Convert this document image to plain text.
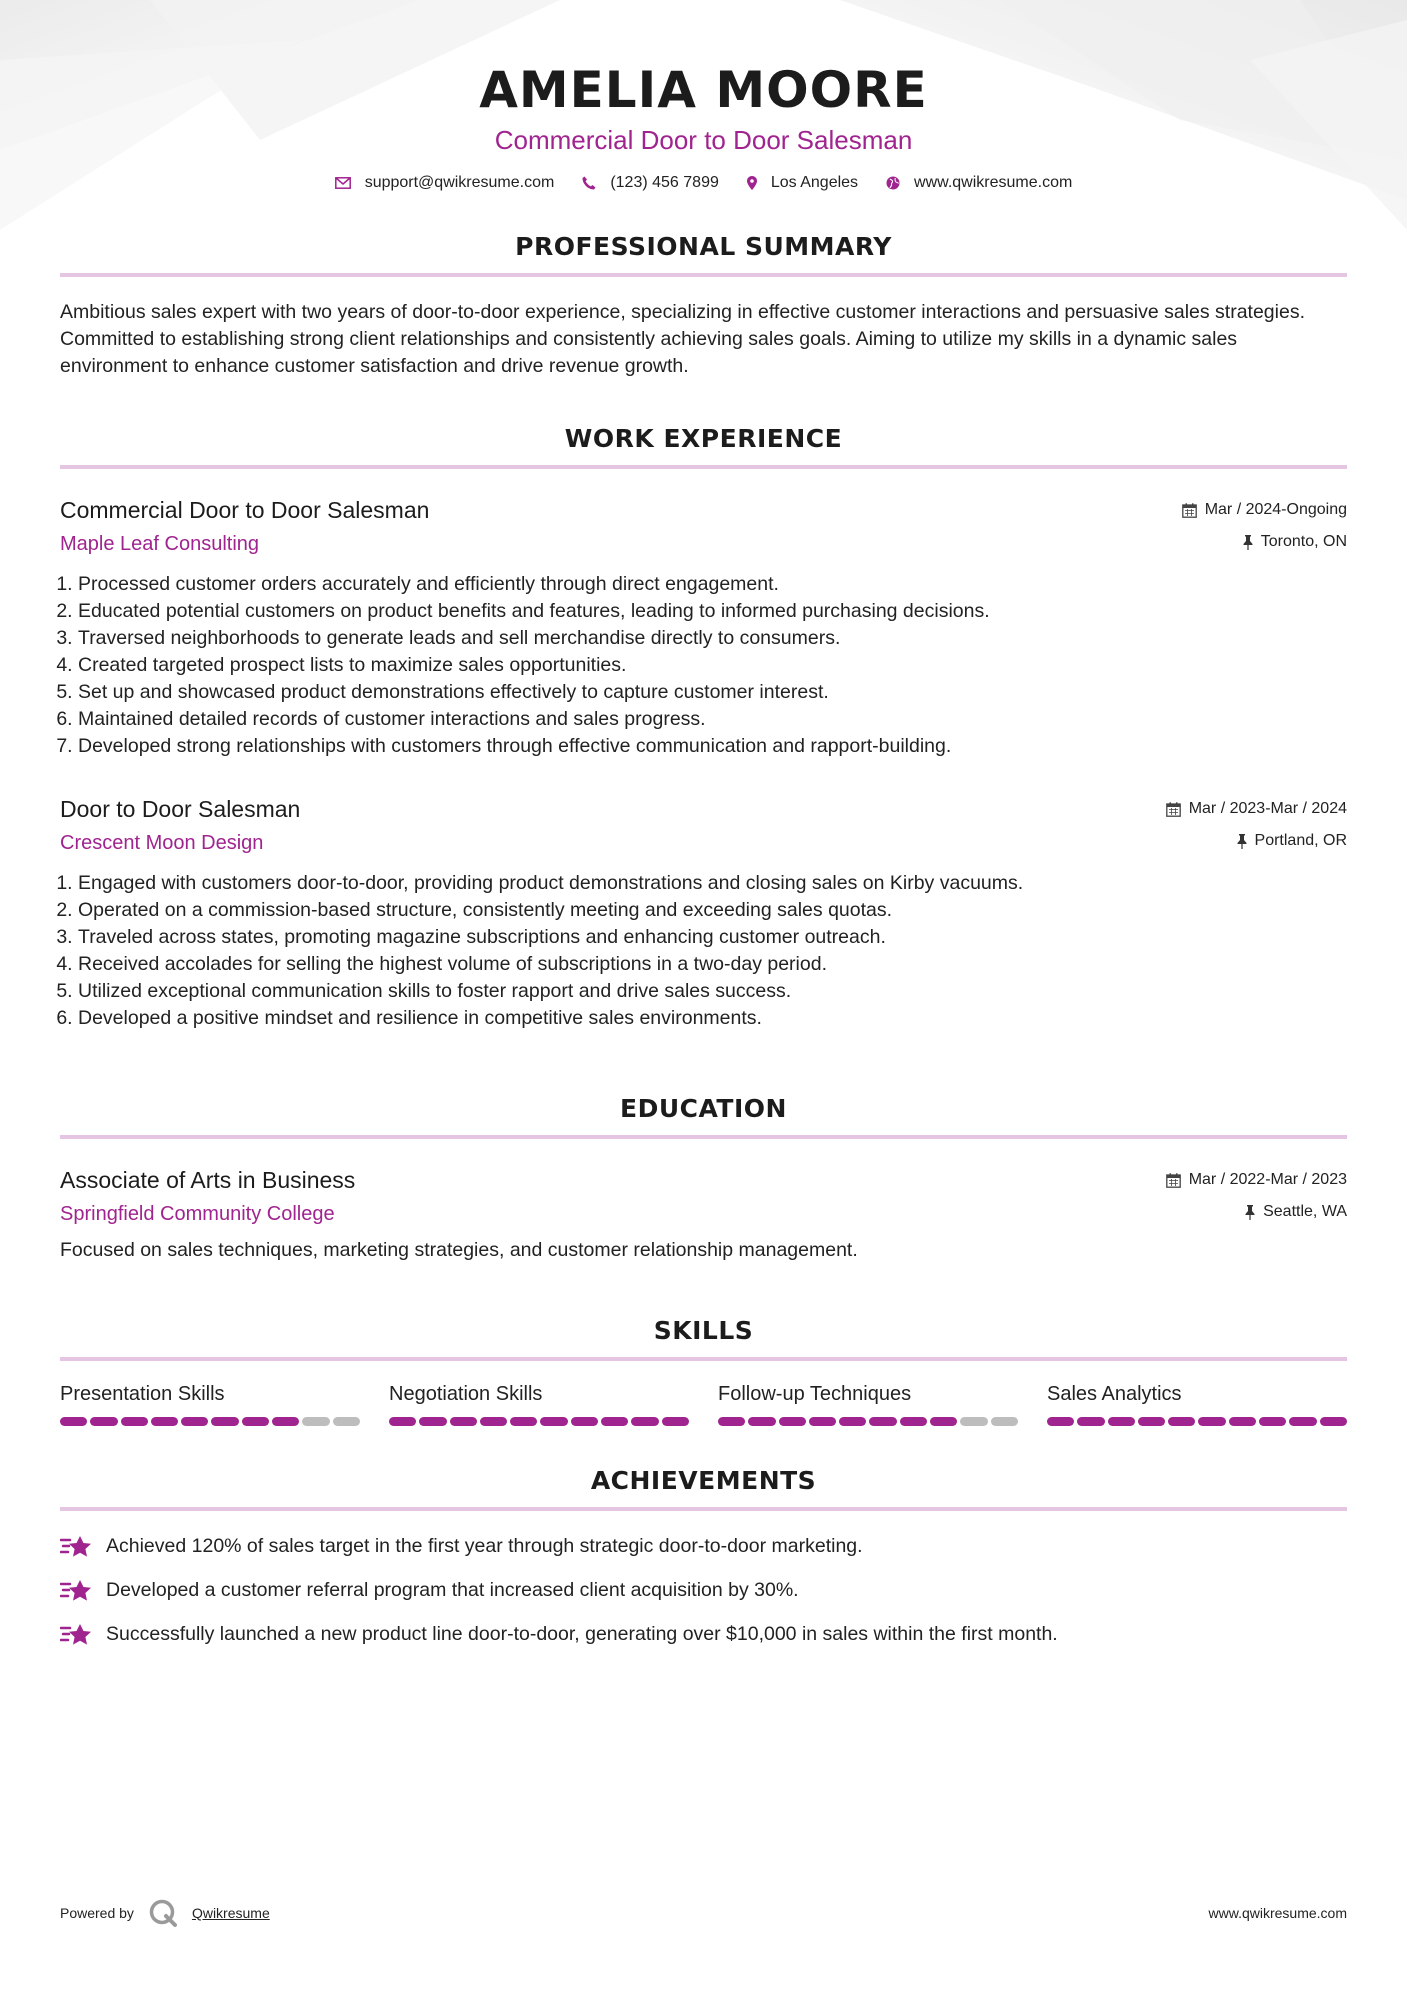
AMELIA MOORE
Commercial Door to Door Salesman
support@qwikresume.com	(123) 456 7899	Los Angeles	www.qwikresume.com
PROFESSIONAL SUMMARY

Ambitious sales expert with two years of door-to-door experience, specializing in effective customer interactions and persuasive sales strategies. Committed to establishing strong client relationships and consistently achieving sales goals. Aiming to utilize my skills in a dynamic sales environment to enhance customer satisfaction and drive revenue growth.

WORK EXPERIENCE
Commercial Door to Door Salesman	Mar / 2024-Ongoing
Maple Leaf Consulting	Toronto, ON
1. Processed customer orders accurately and efficiently through direct engagement.
2. Educated potential customers on product benefits and features, leading to informed purchasing decisions.
3. Traversed neighborhoods to generate leads and sell merchandise directly to consumers.
4. Created targeted prospect lists to maximize sales opportunities.
5. Set up and showcased product demonstrations effectively to capture customer interest.
6. Maintained detailed records of customer interactions and sales progress.
7. Developed strong relationships with customers through effective communication and rapport-building.
Door to Door Salesman	Mar / 2023-Mar / 2024
Crescent Moon Design	Portland, OR
1. Engaged with customers door-to-door, providing product demonstrations and closing sales on Kirby vacuums.
2. Operated on a commission-based structure, consistently meeting and exceeding sales quotas.
3. Traveled across states, promoting magazine subscriptions and enhancing customer outreach.
4. Received accolades for selling the highest volume of subscriptions in a two-day period.
5. Utilized exceptional communication skills to foster rapport and drive sales success.
6. Developed a positive mindset and resilience in competitive sales environments.
EDUCATION
Associate of Arts in Business	Mar / 2022-Mar / 2023
Springfield Community College	Seattle, WA

Focused on sales techniques, marketing strategies, and customer relationship management.

SKILLS
Presentation Skills	Negotiation Skills	Follow-up Techniques	Sales Analytics
ACHIEVEMENTS
Achieved 120% of sales target in the first year through strategic door-to-door marketing.
Developed a customer referral program that increased client acquisition by 30%.
Successfully launched a new product line door-to-door, generating over $10,000 in sales within the first month.
Powered by	Qwikresume	www.qwikresume.com
